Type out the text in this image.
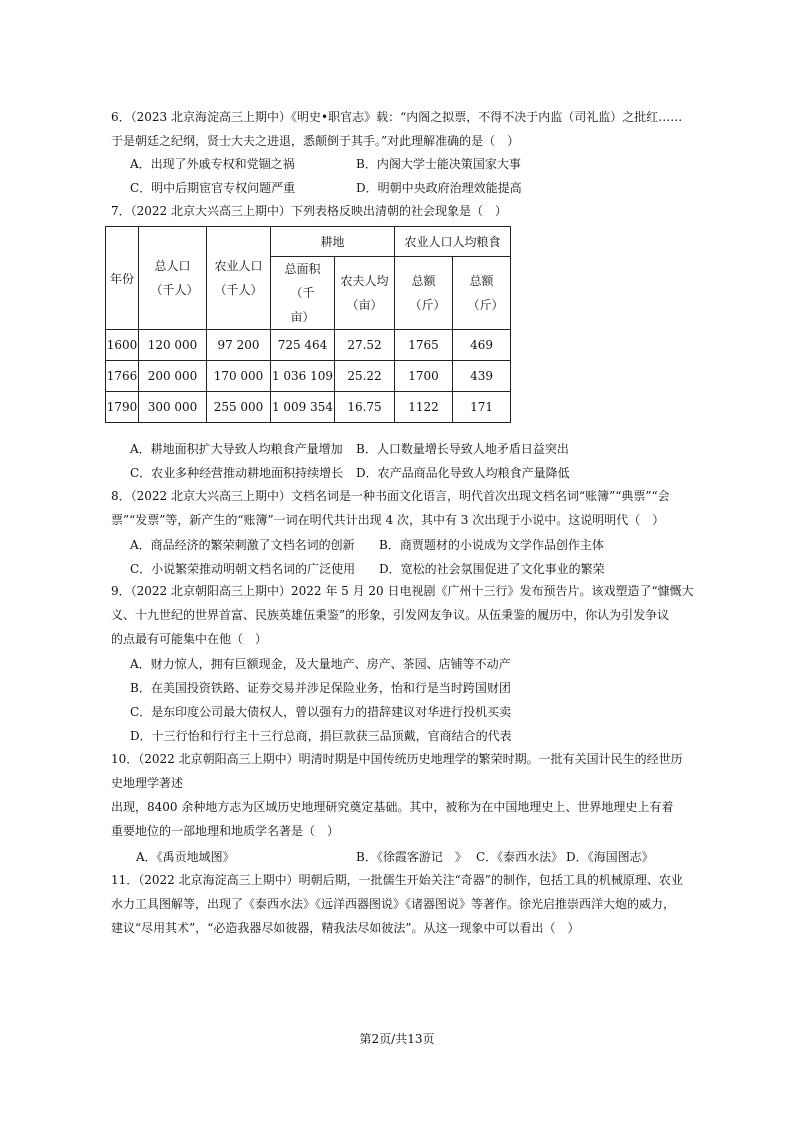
6．（2023 北京海淀高三上期中）《明史•职官志》载：“内阁之拟票，不得不决于内监（司礼监）之批红……
于是朝廷之纪纲，贤士大夫之进退，悉颠倒于其手。”对此理解准确的是（　）
A．出现了外戚专权和党锢之祸	B．内阁大学士能决策国家大事
C．明中后期宦官专权问题严重	D．明朝中央政府治理效能提高
7．（2022 北京大兴高三上期中）下列表格反映出清朝的社会现象是（　）
年份	总人口（千人）	农业人口（千人）	耕地		农业人口人均粮食	

			总面积（千亩）	农夫人均（亩）	总额（斤）	总额（斤）

1600	120 000	97 200	725 464	27.52	1765	469
1766	200 000	170 000	1 036 109	25.22	1700	439
1790	300 000	255 000	1 009 354	16.75	1122	171
A．耕地面积扩大导致人均粮食产量增加 B．人口数量增长导致人地矛盾日益突出
C．农业多种经营推动耕地面积持续增长 D．农产品商品化导致人均粮食产量降低
8．（2022 北京大兴高三上期中）文档名词是一种书面文化语言，明代首次出现文档名词“账簿”“典票”“会
票”“发票”等，新产生的“账簿”一词在明代共计出现 4 次，其中有 3 次出现于小说中。这说明明代（　）
A．商品经济的繁荣刺激了文档名词的创新 B．商贾题材的小说成为文学作品创作主体
C．小说繁荣推动明朝文档名词的广泛使用 D．宽松的社会氛围促进了文化事业的繁荣
9．（2022 北京朝阳高三上期中）2022 年 5 月 20 日电视剧《广州十三行》发布预告片。该戏塑造了“慷慨大
义、十九世纪的世界首富、民族英雄伍秉鉴”的形象，引发网友争议。从伍秉鉴的履历中，你认为引发争议
的点最有可能集中在他（　）
A．财力惊人，拥有巨额现金，及大量地产、房产、茶园、店铺等不动产
B．在美国投资铁路、证券交易并涉足保险业务，怡和行是当时跨国财团
C．是东印度公司最大债权人，曾以强有力的措辞建议对华进行投机买卖
D．十三行怡和行行主十三行总商，捐巨款获三品顶戴，官商结合的代表
10．（2022 北京朝阳高三上期中）明清时期是中国传统历史地理学的繁荣时期。一批有关国计民生的经世历
史地理学著述
出现，8400 余种地方志为区域历史地理研究奠定基础。其中，被称为在中国地理史上、世界地理史上有着
重要地位的一部地理和地质学名著是（　）
A．《禹贡地域图》	B．《徐霞客游记　》 C．《泰西水法》 D．《海国图志》
11．（2022 北京海淀高三上期中）明朝后期，一批儒生开始关注“奇器”的制作，包括工具的机械原理、农业
水力工具图解等，出现了《泰西水法》《远洋西器图说》《诸器图说》等著作。徐光启推崇西洋大炮的威力，
建议“尽用其术”，“必造我器尽如彼器，精我法尽如彼法”。从这一现象中可以看出（　）
第2页/共13页
